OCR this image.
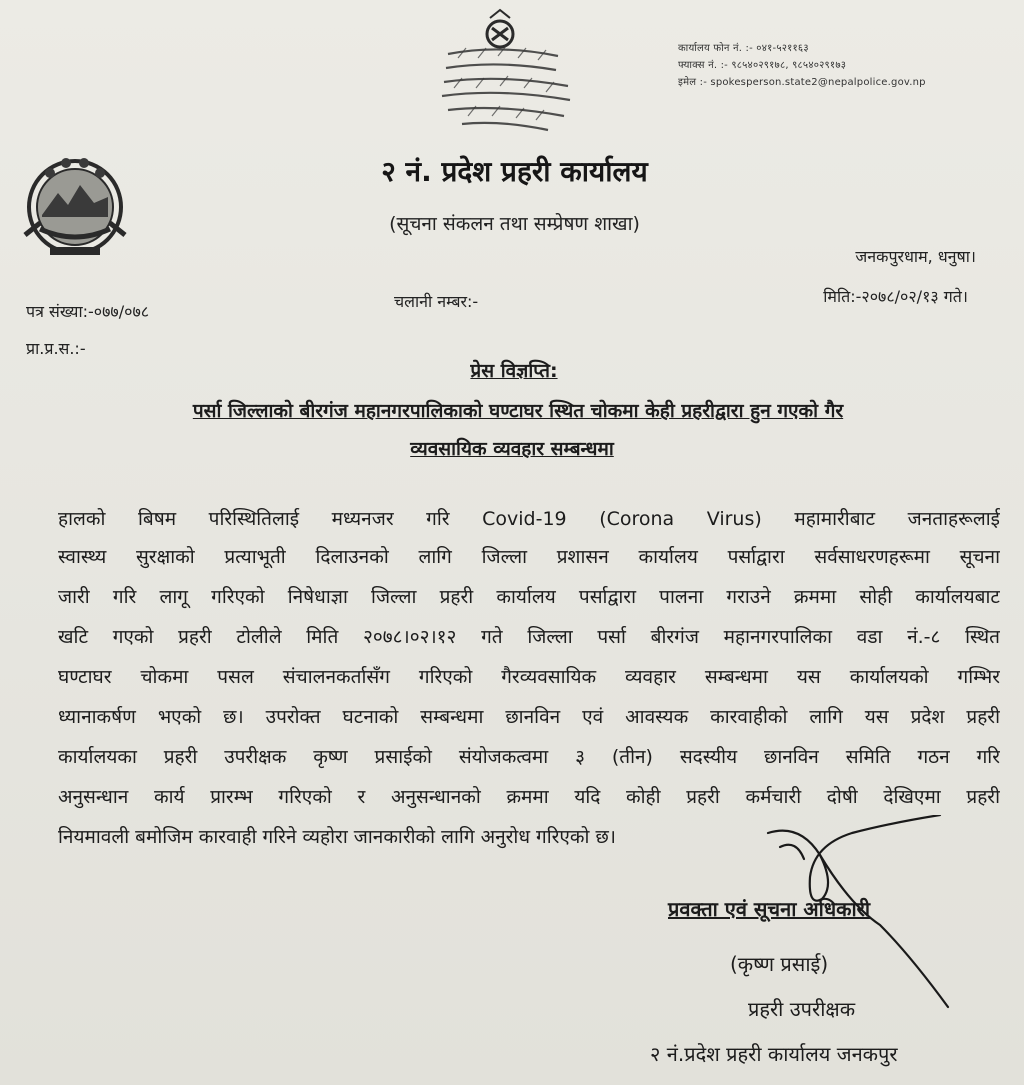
कार्यालय फोन नं. :- ०४१-५२११६३
फ्याक्स नं. :- ९८५४०२९१७८, ९८५४०२९१७३
इमेल :- spokesperson.state2@nepalpolice.gov.np
२ नं. प्रदेश प्रहरी कार्यालय
(सूचना संकलन तथा सम्प्रेषण शाखा)
जनकपुरधाम, धनुषा।
पत्र संख्या:-०७७/०७८
चलानी नम्बर:-	मिति:-२०७८/०२/१३ गते।
प्रा.प्र.स.:-
प्रेस विज्ञप्ति:
पर्सा जिल्लाको बीरगंज महानगरपालिकाको घण्टाघर स्थित चोकमा केही प्रहरीद्वारा हुन गएको गैर
व्यवसायिक व्यवहार सम्बन्धमा
हालको बिषम परिस्थितिलाई मध्यनजर गरि Covid-19 (Corona Virus) महामारीबाट जनताहरूलाई
स्वास्थ्य सुरक्षाको प्रत्याभूती दिलाउनको लागि जिल्ला प्रशासन कार्यालय पर्साद्वारा सर्वसाधरणहरूमा सूचना
जारी गरि लागू गरिएको निषेधाज्ञा जिल्ला प्रहरी कार्यालय पर्साद्वारा पालना गराउने क्रममा सोही कार्यालयबाट
खटि गएको प्रहरी टोलीले मिति २०७८।०२।१२ गते जिल्ला पर्सा बीरगंज महानगरपालिका वडा नं.-८ स्थित
घण्टाघर चोकमा पसल संचालनकर्तासँग गरिएको गैरव्यवसायिक व्यवहार सम्बन्धमा यस कार्यालयको गम्भिर
ध्यानाकर्षण भएको छ। उपरोक्त घटनाको सम्बन्धमा छानविन एवं आवस्यक कारवाहीको लागि यस प्रदेश प्रहरी
कार्यालयका प्रहरी उपरीक्षक कृष्ण प्रसाईको संयोजकत्वमा ३ (तीन) सदस्यीय छानविन समिति गठन गरि
अनुसन्धान कार्य प्रारम्भ गरिएको र अनुसन्धानको क्रममा यदि कोही प्रहरी कर्मचारी दोषी देखिएमा प्रहरी
नियमावली बमोजिम कारवाही गरिने व्यहोरा जानकारीको लागि अनुरोध गरिएको छ।
प्रवक्ता एवं सूचना अधिकारी
(कृष्ण प्रसाई)
प्रहरी उपरीक्षक
२ नं.प्रदेश प्रहरी कार्यालय जनकपुर
